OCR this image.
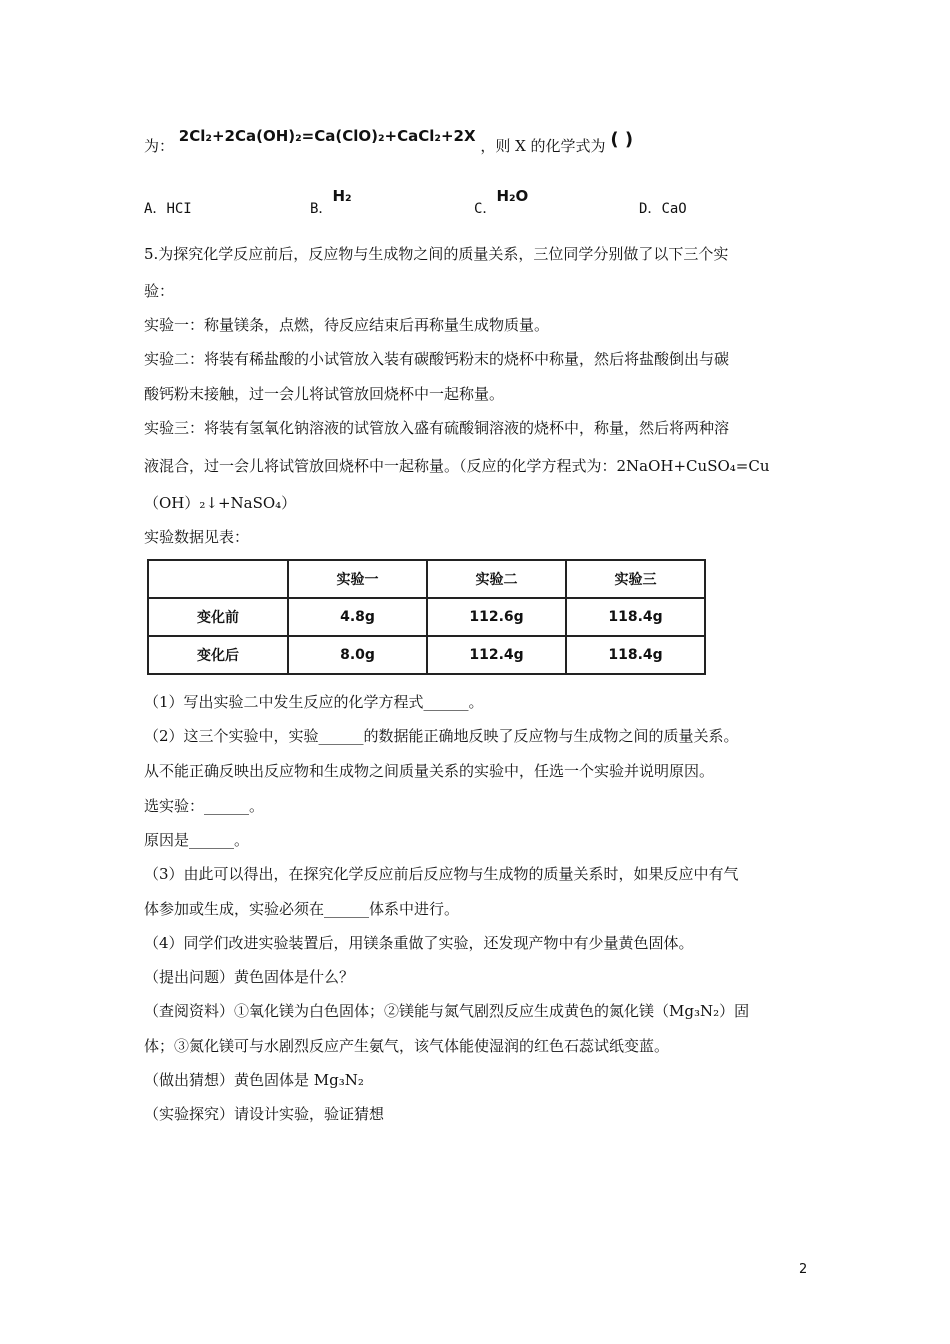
为： 2Cl₂+2Ca(OH)₂=Ca(ClO)₂+CaCl₂+2X ，则 X 的化学式为 ( )
A．HCI	B．H₂
C．H₂O
D．CaO
5.为探究化学反应前后，反应物与生成物之间的质量关系，三位同学分别做了以下三个实
验：
实验一：称量镁条，点燃，待反应结束后再称量生成物质量。
实验二：将装有稀盐酸的小试管放入装有碳酸钙粉末的烧杯中称量，然后将盐酸倒出与碳
酸钙粉末接触，过一会儿将试管放回烧杯中一起称量。
实验三：将装有氢氧化钠溶液的试管放入盛有硫酸铜溶液的烧杯中，称量，然后将两种溶
液混合，过一会儿将试管放回烧杯中一起称量。（反应的化学方程式为：2NaOH+CuSO₄=Cu
（OH）₂↓+NaSO₄）
实验数据见表：
	实验一	实验二	实验三
变化前	4.8g	112.6g	118.4g
变化后	8.0g	112.4g	118.4g
（1）写出实验二中发生反应的化学方程式______。
（2）这三个实验中，实验______的数据能正确地反映了反应物与生成物之间的质量关系。
从不能正确反映出反应物和生成物之间质量关系的实验中，任选一个实验并说明原因。
选实验：______。
原因是______。
（3）由此可以得出，在探究化学反应前后反应物与生成物的质量关系时，如果反应中有气
体参加或生成，实验必须在______体系中进行。
（4）同学们改进实验装置后，用镁条重做了实验，还发现产物中有少量黄色固体。
（提出问题）黄色固体是什么？
（查阅资料）①氧化镁为白色固体；②镁能与氮气剧烈反应生成黄色的氮化镁（Mg₃N₂）固
体；③氮化镁可与水剧烈反应产生氨气，该气体能使湿润的红色石蕊试纸变蓝。
（做出猜想）黄色固体是 Mg₃N₂
（实验探究）请设计实验，验证猜想
2
